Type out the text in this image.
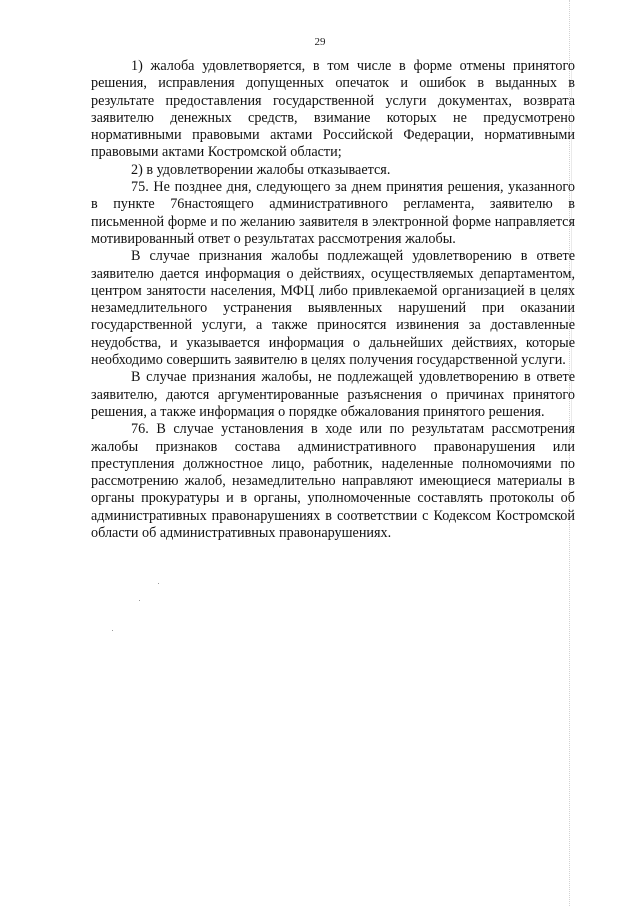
29

1) жалоба удовлетворяется, в том числе в форме отмены принятого решения, исправления допущенных опечаток и ошибок в выданных в результате предоставления государственной услуги документах, возврата заявителю денежных средств, взимание которых не предусмотрено нормативными правовыми актами Российской Федерации, нормативными правовыми актами Костромской области;

2) в удовлетворении жалобы отказывается.

75. Не позднее дня, следующего за днем принятия решения, указанного в пункте 76настоящего административного регламента, заявителю в письменной форме и по желанию заявителя в электронной форме направляется мотивированный ответ о результатах рассмотрения жалобы.

В случае признания жалобы подлежащей удовлетворению в ответе заявителю дается информация о действиях, осуществляемых департаментом, центром занятости населения, МФЦ либо привлекаемой организацией в целях незамедлительного устранения выявленных нарушений при оказании государственной услуги, а также приносятся извинения за доставленные неудобства, и указывается информация о дальнейших действиях, которые необходимо совершить заявителю в целях получения государственной услуги.

В случае признания жалобы, не подлежащей удовлетворению в ответе заявителю, даются аргументированные разъяснения о причинах принятого решения, а также информация о порядке обжалования принятого решения.

76. В случае установления в ходе или по результатам рассмотрения жалобы признаков состава административного правонарушения или преступления должностное лицо, работник, наделенные полномочиями по рассмотрению жалоб, незамедлительно направляют имеющиеся материалы в органы прокуратуры и в органы, уполномоченные составлять протоколы об административных правонарушениях в соответствии с Кодексом Костромской области об административных правонарушениях.
